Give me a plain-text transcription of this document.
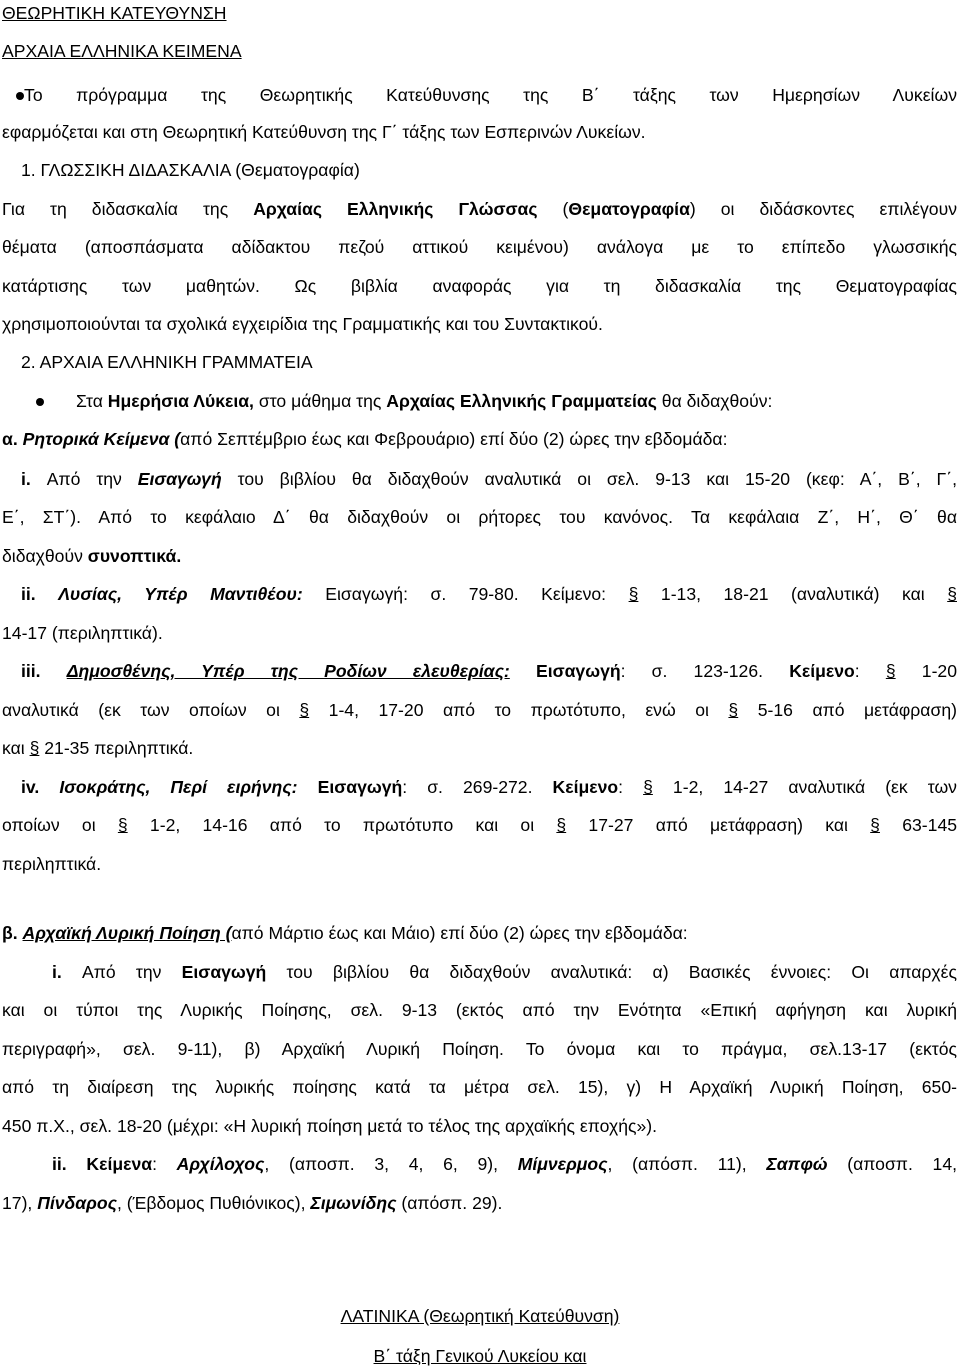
ΘΕΩΡΗΤΙΚΗ ΚΑΤΕΥΘΥΝΣΗ
ΑΡΧΑΙΑ ΕΛΛΗΝΙΚΑ ΚΕΙΜΕΝΑ
Το πρόγραμμα της Θεωρητικής Κατεύθυνσης της Β΄ τάξης των Ημερησίων Λυκείων
εφαρμόζεται και στη Θεωρητική Κατεύθυνση της Γ΄ τάξης των Εσπερινών Λυκείων.
1. ΓΛΩΣΣΙΚΗ ΔΙΔΑΣΚΑΛΙΑ (Θεματογραφία)
Για τη διδασκαλία της Αρχαίας Ελληνικής Γλώσσας (Θεματογραφία) οι διδάσκοντες επιλέγουν
θέματα (αποσπάσματα αδίδακτου πεζού αττικού κειμένου) ανάλογα με το επίπεδο γλωσσικής
κατάρτισης των μαθητών. Ως βιβλία αναφοράς για τη διδασκαλία της Θεματογραφίας
χρησιμοποιούνται τα σχολικά εγχειρίδια της Γραμματικής και του Συντακτικού.
2. ΑΡΧΑΙΑ ΕΛΛΗΝΙΚΗ ΓΡΑΜΜΑΤΕΙΑ
Στα Ημερήσια Λύκεια, στο μάθημα της Αρχαίας Ελληνικής Γραμματείας θα διδαχθούν:
α. Ρητορικά Κείμενα (από Σεπτέμβριο έως και Φεβρουάριο) επί δύο (2) ώρες την εβδομάδα:
i. Από την Εισαγωγή του βιβλίου θα διδαχθούν αναλυτικά οι σελ. 9-13 και 15-20 (κεφ: Α΄, Β΄, Γ΄,
Ε΄, ΣΤ΄). Από το κεφάλαιο Δ΄ θα διδαχθούν οι ρήτορες του κανόνος. Τα κεφάλαια Ζ΄, Η΄, Θ΄ θα
διδαχθούν συνοπτικά.
ii. Λυσίας, Υπέρ Μαντιθέου: Εισαγωγή: σ. 79-80. Κείμενο: § 1-13, 18-21 (αναλυτικά) και §
14-17 (περιληπτικά).
iii. Δημοσθένης, Υπέρ της Ροδίων ελευθερίας: Εισαγωγή: σ. 123-126. Κείμενο: § 1-20
αναλυτικά (εκ των οποίων οι § 1-4, 17-20 από το πρωτότυπο, ενώ οι § 5-16 από μετάφραση)
και § 21-35 περιληπτικά.
iv. Ισοκράτης, Περί ειρήνης: Εισαγωγή: σ. 269-272. Κείμενο: § 1-2, 14-27 αναλυτικά (εκ των
οποίων οι § 1-2, 14-16 από το πρωτότυπο και οι § 17-27 από μετάφραση) και § 63-145
περιληπτικά.
β. Αρχαϊκή Λυρική Ποίηση (από Μάρτιο έως και Μάιο) επί δύο (2) ώρες την εβδομάδα:
i. Από την Εισαγωγή του βιβλίου θα διδαχθούν αναλυτικά: α) Βασικές έννοιες: Οι απαρχές
και οι τύποι της Λυρικής Ποίησης, σελ. 9-13 (εκτός από την Ενότητα «Επική αφήγηση και λυρική
περιγραφή», σελ. 9-11), β) Αρχαϊκή Λυρική Ποίηση. Το όνομα και το πράγμα, σελ.13-17 (εκτός
από τη διαίρεση της λυρικής ποίησης κατά τα μέτρα σελ. 15), γ) Η Αρχαϊκή Λυρική Ποίηση, 650-
450 π.Χ., σελ. 18-20 (μέχρι: «Η λυρική ποίηση μετά το τέλος της αρχαϊκής εποχής»).
ii. Κείμενα: Αρχίλοχος, (αποσπ. 3, 4, 6, 9), Μίμνερμος, (απόσπ. 11), Σαπφώ (αποσπ. 14,
17), Πίνδαρος, (Έβδομος Πυθιόνικος), Σιμωνίδης (απόσπ. 29).
ΛΑΤΙΝΙΚΑ (Θεωρητική Κατεύθυνση)
Β΄ τάξη Γενικού Λυκείου και
